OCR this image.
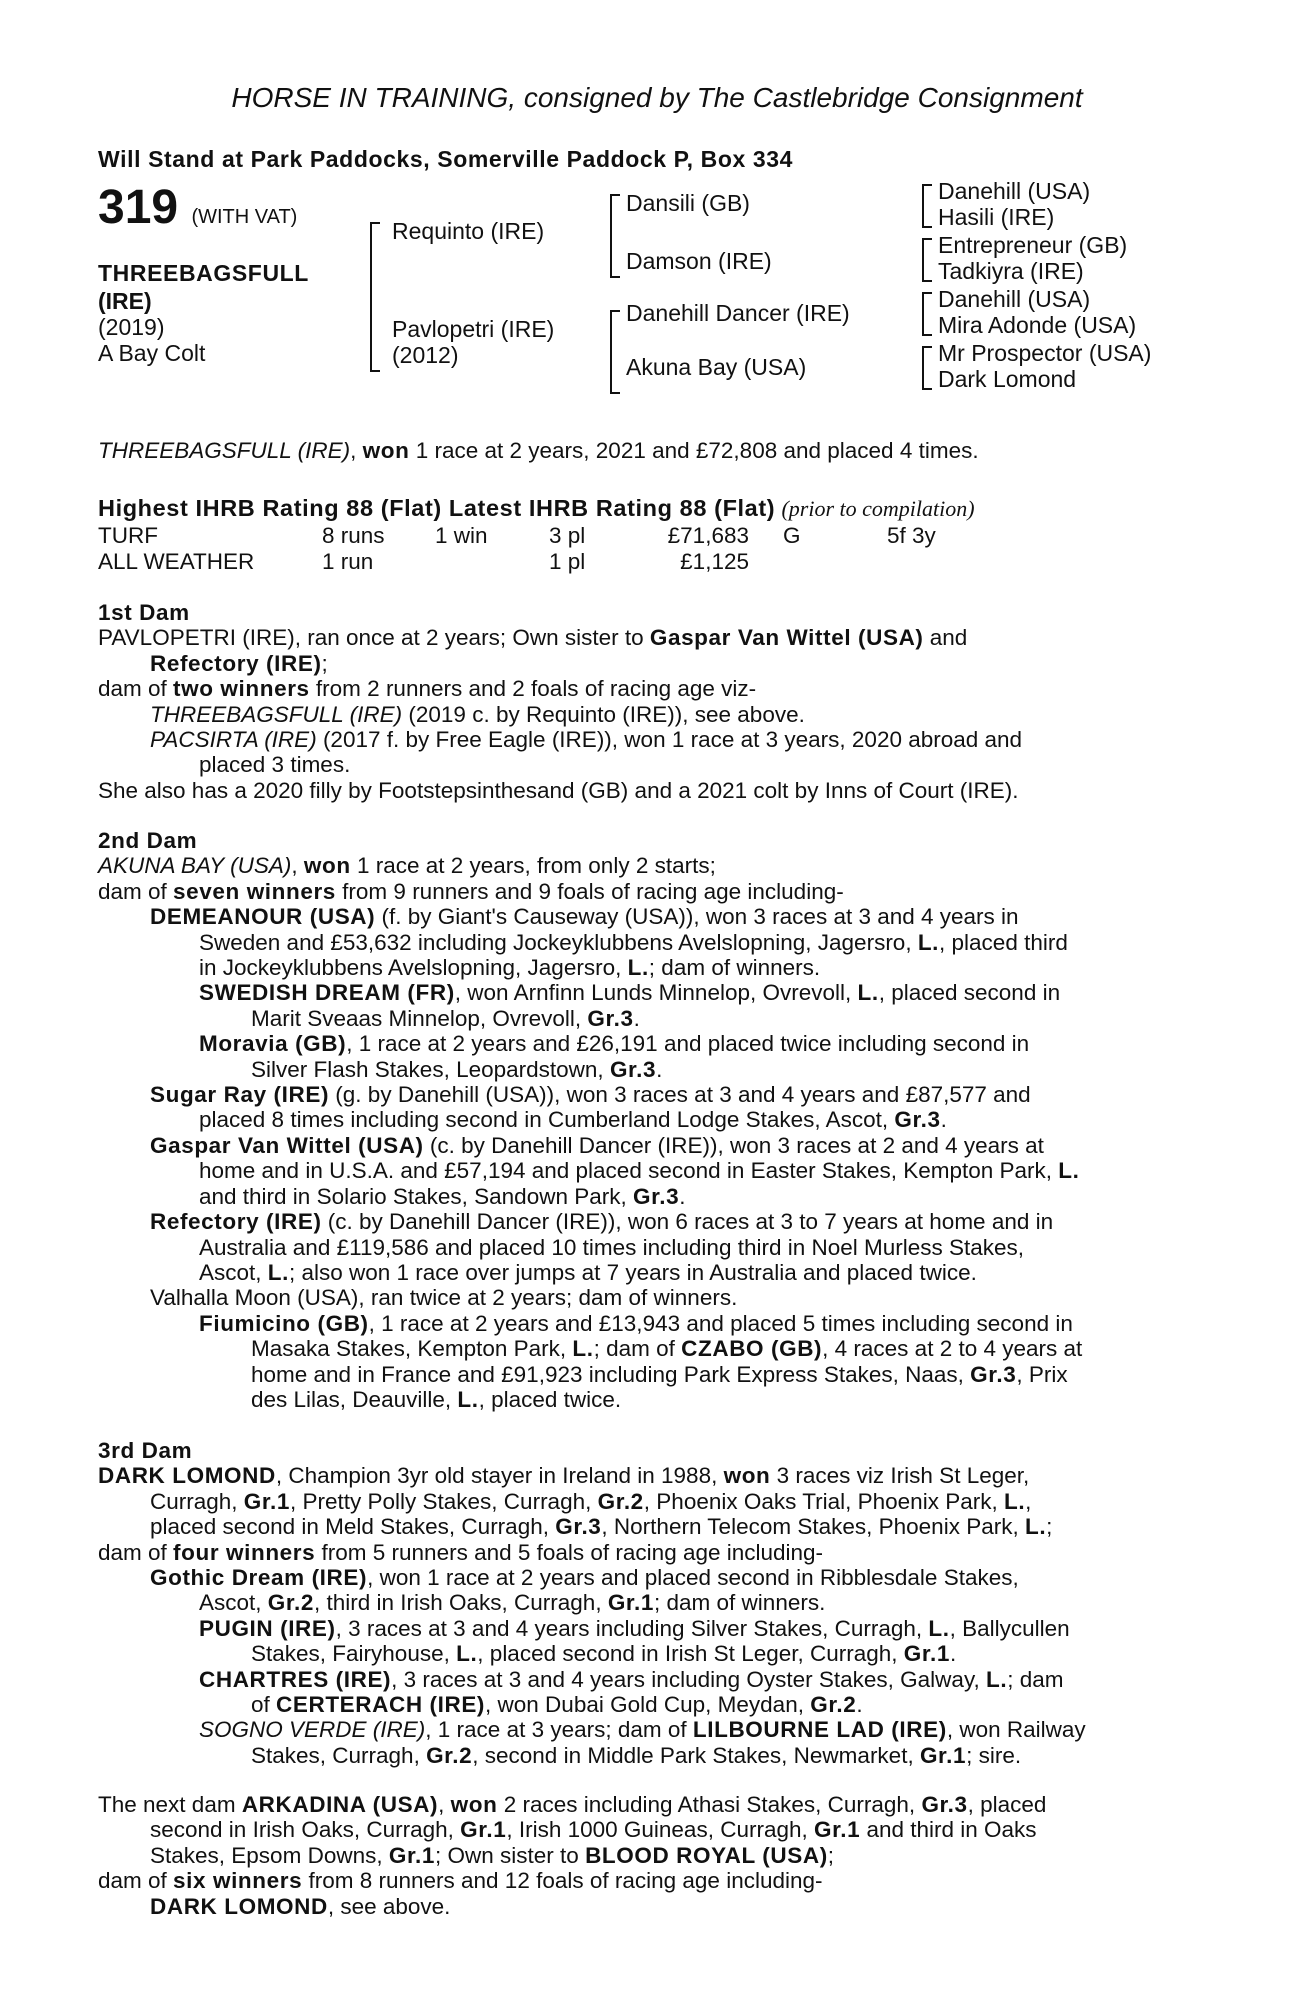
HORSE IN TRAINING, consigned by The Castlebridge Consignment
Will Stand at Park Paddocks, Somerville Paddock P, Box 334
319 (WITH VAT)
THREEBAGSFULL
(IRE)
(2019)
A Bay Colt
Requinto (IRE)
Pavlopetri (IRE)
(2012)
Dansili (GB)
Damson (IRE)
Danehill Dancer (IRE)
Akuna Bay (USA)
Danehill (USA)
Hasili (IRE)
Entrepreneur (GB)
Tadkiyra (IRE)
Danehill (USA)
Mira Adonde (USA)
Mr Prospector (USA)
Dark Lomond

THREEBAGSFULL (IRE), won 1 race at 2 years, 2021 and £72,808 and placed 4 times.

Highest IHRB Rating 88 (Flat) Latest IHRB Rating 88 (Flat) (prior to compilation)

TURF	8 runs	1 win	3 pl	£71,683	G	5f 3y
ALL WEATHER	1 run		1 pl	£1,125		

1st Dam

PAVLOPETRI (IRE), ran once at 2 years; Own sister to Gaspar Van Wittel (USA) and

Refectory (IRE);

dam of two winners from 2 runners and 2 foals of racing age viz-

THREEBAGSFULL (IRE) (2019 c. by Requinto (IRE)), see above.

PACSIRTA (IRE) (2017 f. by Free Eagle (IRE)), won 1 race at 3 years, 2020 abroad and

placed 3 times.

She also has a 2020 filly by Footstepsinthesand (GB) and a 2021 colt by Inns of Court (IRE).

2nd Dam

AKUNA BAY (USA), won 1 race at 2 years, from only 2 starts;

dam of seven winners from 9 runners and 9 foals of racing age including-

DEMEANOUR (USA) (f. by Giant's Causeway (USA)), won 3 races at 3 and 4 years in

Sweden and £53,632 including Jockeyklubbens Avelslopning, Jagersro, L., placed third

in Jockeyklubbens Avelslopning, Jagersro, L.; dam of winners.

SWEDISH DREAM (FR), won Arnfinn Lunds Minnelop, Ovrevoll, L., placed second in

Marit Sveaas Minnelop, Ovrevoll, Gr.3.

Moravia (GB), 1 race at 2 years and £26,191 and placed twice including second in

Silver Flash Stakes, Leopardstown, Gr.3.

Sugar Ray (IRE) (g. by Danehill (USA)), won 3 races at 3 and 4 years and £87,577 and

placed 8 times including second in Cumberland Lodge Stakes, Ascot, Gr.3.

Gaspar Van Wittel (USA) (c. by Danehill Dancer (IRE)), won 3 races at 2 and 4 years at

home and in U.S.A. and £57,194 and placed second in Easter Stakes, Kempton Park, L.

and third in Solario Stakes, Sandown Park, Gr.3.

Refectory (IRE) (c. by Danehill Dancer (IRE)), won 6 races at 3 to 7 years at home and in

Australia and £119,586 and placed 10 times including third in Noel Murless Stakes,

Ascot, L.; also won 1 race over jumps at 7 years in Australia and placed twice.

Valhalla Moon (USA), ran twice at 2 years; dam of winners.

Fiumicino (GB), 1 race at 2 years and £13,943 and placed 5 times including second in

Masaka Stakes, Kempton Park, L.; dam of CZABO (GB), 4 races at 2 to 4 years at

home and in France and £91,923 including Park Express Stakes, Naas, Gr.3, Prix

des Lilas, Deauville, L., placed twice.

3rd Dam

DARK LOMOND, Champion 3yr old stayer in Ireland in 1988, won 3 races viz Irish St Leger,

Curragh, Gr.1, Pretty Polly Stakes, Curragh, Gr.2, Phoenix Oaks Trial, Phoenix Park, L.,

placed second in Meld Stakes, Curragh, Gr.3, Northern Telecom Stakes, Phoenix Park, L.;

dam of four winners from 5 runners and 5 foals of racing age including-

Gothic Dream (IRE), won 1 race at 2 years and placed second in Ribblesdale Stakes,

Ascot, Gr.2, third in Irish Oaks, Curragh, Gr.1; dam of winners.

PUGIN (IRE), 3 races at 3 and 4 years including Silver Stakes, Curragh, L., Ballycullen

Stakes, Fairyhouse, L., placed second in Irish St Leger, Curragh, Gr.1.

CHARTRES (IRE), 3 races at 3 and 4 years including Oyster Stakes, Galway, L.; dam

of CERTERACH (IRE), won Dubai Gold Cup, Meydan, Gr.2.

SOGNO VERDE (IRE), 1 race at 3 years; dam of LILBOURNE LAD (IRE), won Railway

Stakes, Curragh, Gr.2, second in Middle Park Stakes, Newmarket, Gr.1; sire.

The next dam ARKADINA (USA), won 2 races including Athasi Stakes, Curragh, Gr.3, placed

second in Irish Oaks, Curragh, Gr.1, Irish 1000 Guineas, Curragh, Gr.1 and third in Oaks

Stakes, Epsom Downs, Gr.1; Own sister to BLOOD ROYAL (USA);

dam of six winners from 8 runners and 12 foals of racing age including-

DARK LOMOND, see above.
